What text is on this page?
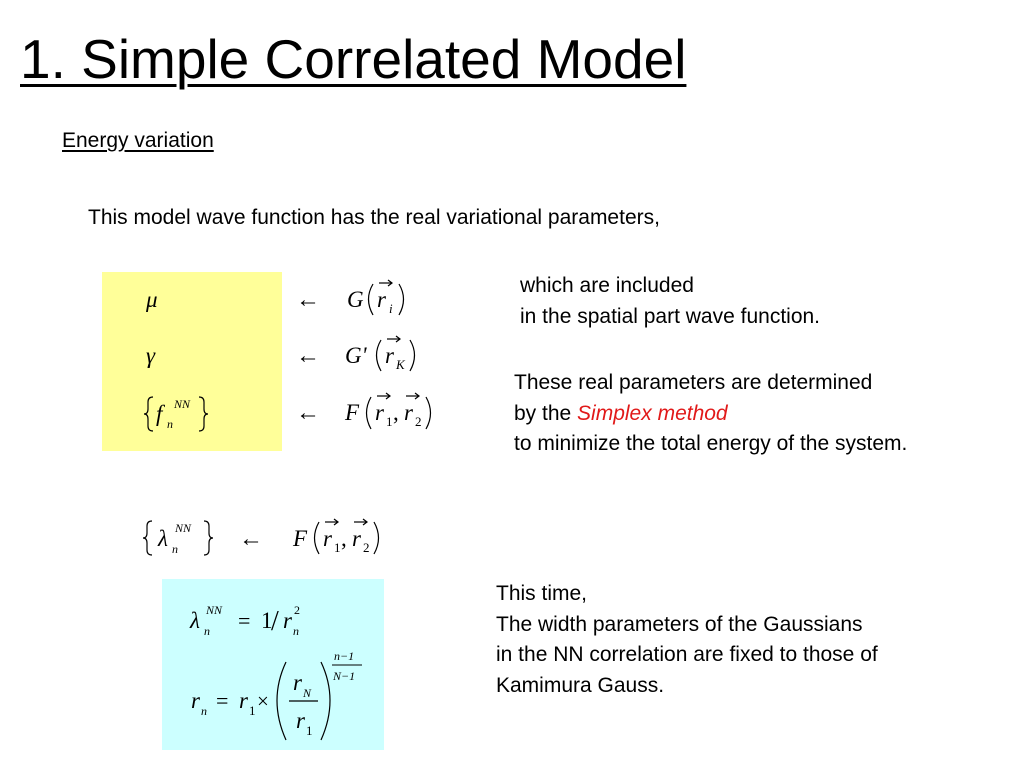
1. Simple Correlated Model
Energy variation
This model wave function has the real variational parameters,
μ	← G r i
γ	← G' r K
f n
NN	← F r 1 , r 2
λ n
NN ← F r 1 , r 2
which are included
in the spatial part wave function.
These real parameters are determined
by the Simplex method
to minimize the total energy of the system.
λ n
NN = 1
/ r n
2
r n = r 1 ×
r N
r 1
n−1
N−1
This time,
The width parameters of the Gaussians
in the NN correlation are fixed to those of
Kamimura Gauss.
